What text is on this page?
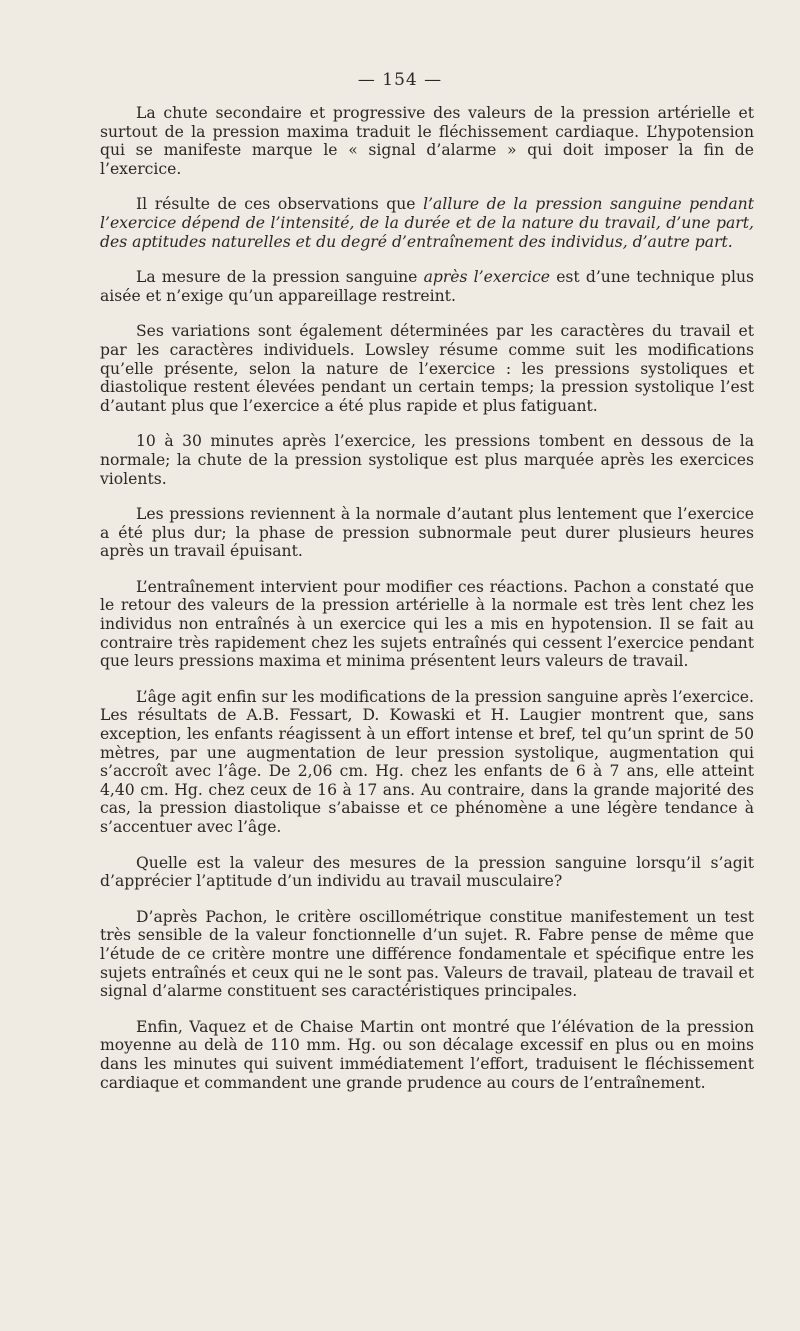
— 154 —

La chute secondaire et progressive des valeurs de la pression artérielle et surtout de la pression maxima traduit le fléchissement cardiaque. L’hypotension qui se manifeste marque le « signal d’alarme » qui doit imposer la fin de l’exercice.

Il résulte de ces observations que l’allure de la pression sanguine pendant l’exercice dépend de l’intensité, de la durée et de la nature du travail, d’une part, des aptitudes naturelles et du degré d’entraînement des individus, d’autre part.

La mesure de la pression sanguine après l’exercice est d’une technique plus aisée et n’exige qu’un appareillage restreint.

Ses variations sont également déterminées par les caractères du travail et par les caractères individuels. Lowsley résume comme suit les modifications qu’elle présente, selon la nature de l’exercice : les pressions systoliques et diastolique restent élevées pendant un certain temps; la pression systolique l’est d’autant plus que l’exercice a été plus rapide et plus fatiguant.

10 à 30 minutes après l’exercice, les pressions tombent en dessous de la normale; la chute de la pression systolique est plus marquée après les exercices violents.

Les pressions reviennent à la normale d’autant plus lentement que l’exercice a été plus dur; la phase de pression subnormale peut durer plusieurs heures après un travail épuisant.

L’entraînement intervient pour modifier ces réactions. Pachon a constaté que le retour des valeurs de la pression artérielle à la normale est très lent chez les individus non entraînés à un exercice qui les a mis en hypotension. Il se fait au contraire très rapidement chez les sujets entraînés qui cessent l’exercice pendant que leurs pressions maxima et minima présentent leurs valeurs de travail.

L’âge agit enfin sur les modifications de la pression sanguine après l’exercice. Les résultats de A.B. Fessart, D. Kowaski et H. Laugier montrent que, sans exception, les enfants réagissent à un effort intense et bref, tel qu’un sprint de 50 mètres, par une augmentation de leur pression systolique, augmentation qui s’accroît avec l’âge. De 2,06 cm. Hg. chez les enfants de 6 à 7 ans, elle atteint 4,40 cm. Hg. chez ceux de 16 à 17 ans. Au contraire, dans la grande majorité des cas, la pression diastolique s’abaisse et ce phénomène a une légère tendance à s’accentuer avec l’âge.

Quelle est la valeur des mesures de la pression sanguine lorsqu’il s’agit d’apprécier l’aptitude d’un individu au travail musculaire?

D’après Pachon, le critère oscillométrique constitue manifestement un test très sensible de la valeur fonctionnelle d’un sujet. R. Fabre pense de même que l’étude de ce critère montre une différence fondamentale et spécifique entre les sujets entraînés et ceux qui ne le sont pas. Valeurs de travail, plateau de travail et signal d’alarme constituent ses caractéristiques principales.

Enfin, Vaquez et de Chaise Martin ont montré que l’élévation de la pression moyenne au delà de 110 mm. Hg. ou son décalage excessif en plus ou en moins dans les minutes qui suivent immédiatement l’effort, traduisent le fléchissement cardiaque et commandent une grande prudence au cours de l’entraînement.
